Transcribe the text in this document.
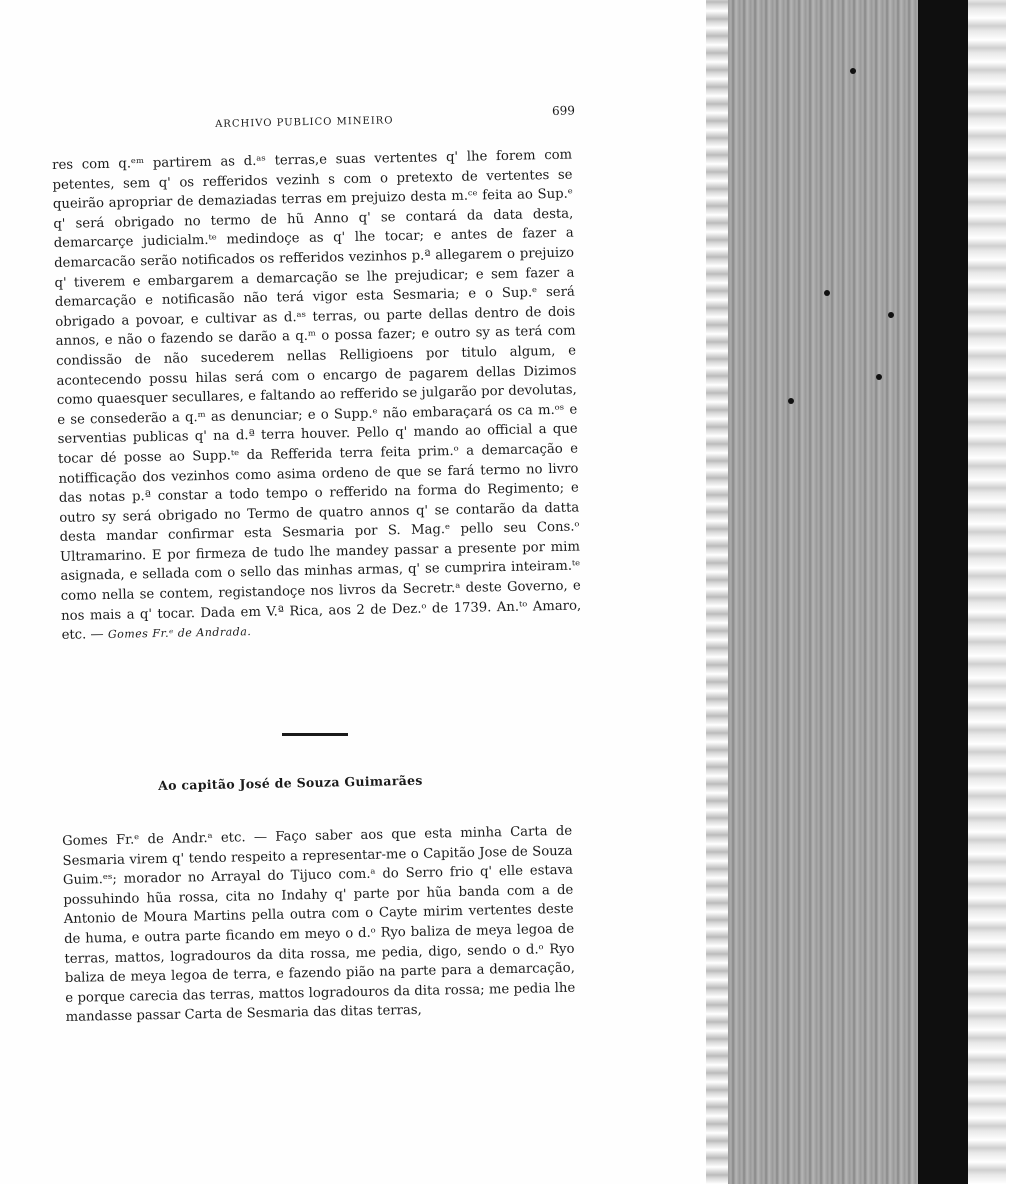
ARCHIVO PUBLICO MINEIRO
699
res com q.ᵉᵐ partirem as d.ᵃˢ terras,e suas vertentes q' lhe forem com petentes, sem q' os refferidos vezinh s com o pretexto de vertentes se queirão apropriar de demaziadas terras em prejuizo desta m.ᶜᵉ feita ao Sup.ᵉ q' será obrigado no termo de hũ Anno q' se contará da data desta, demarcarçe judicialm.ᵗᵉ medindoçe as q' lhe tocar; e antes de fazer a demarcacão serão notificados os refferidos vezinhos p.ª allegarem o prejuizo q' tiverem e embargarem a demarcação se lhe prejudicar; e sem fazer a demarcação e notificasão não terá vigor esta Sesmaria; e o Sup.ᵉ será obrigado a povoar, e cultivar as d.ᵃˢ terras, ou parte dellas dentro de dois annos, e não o fazendo se darão a q.ᵐ o possa fazer; e outro sy as terá com condissão de não sucederem nellas Relligioens por titulo algum, e acontecendo possu hilas será com o encargo de pagarem dellas Dizimos como quaesquer secullares, e faltando ao refferido se julgarão por devolutas, e se consederão a q.ᵐ as denunciar; e o Supp.ᵉ não embaraçará os ca m.ᵒˢ e serventias publicas q' na d.ª terra houver. Pello q' mando ao official a que tocar dé posse ao Supp.ᵗᵉ da Refferida terra feita prim.ᵒ a demarcação e notifficação dos vezinhos como asima ordeno de que se fará termo no livro das notas p.ª constar a todo tempo o refferido na forma do Regimento; e outro sy será obrigado no Termo de quatro annos q' se contarão da datta desta mandar confirmar esta Sesmaria por S. Mag.ᵉ pello seu Cons.ᵒ Ultramarino. E por firmeza de tudo lhe mandey passar a presente por mim asignada, e sellada com o sello das minhas armas, q' se cumprira inteiram.ᵗᵉ como nella se contem, registandoçe nos livros da Secretr.ᵃ deste Governo, e nos mais a q' tocar. Dada em V.ª Rica, aos 2 de Dez.ᵒ de 1739. An.ᵗᵒ Amaro, etc. — Gomes Fr.ᵉ de Andrada.
Ao capitão José de Souza Guimarães
Gomes Fr.ᵉ de Andr.ᵃ etc. — Faço saber aos que esta minha Carta de Sesmaria virem q' tendo respeito a representar-me o Capitão Jose de Souza Guim.ᵉˢ; morador no Arrayal do Tijuco com.ᵃ do Serro frio q' elle estava possuhindo hũa rossa, cita no Indahy q' parte por hũa banda com a de Antonio de Moura Martins pella outra com o Cayte mirim vertentes deste de huma, e outra parte ficando em meyo o d.ᵒ Ryo baliza de meya legoa de terras, mattos, logradouros da dita rossa, me pedia, digo, sendo o d.ᵒ Ryo baliza de meya legoa de terra, e fazendo pião na parte para a demarcação, e porque carecia das terras, mattos logradouros da dita rossa; me pedia lhe mandasse passar Carta de Sesmaria das ditas terras,
